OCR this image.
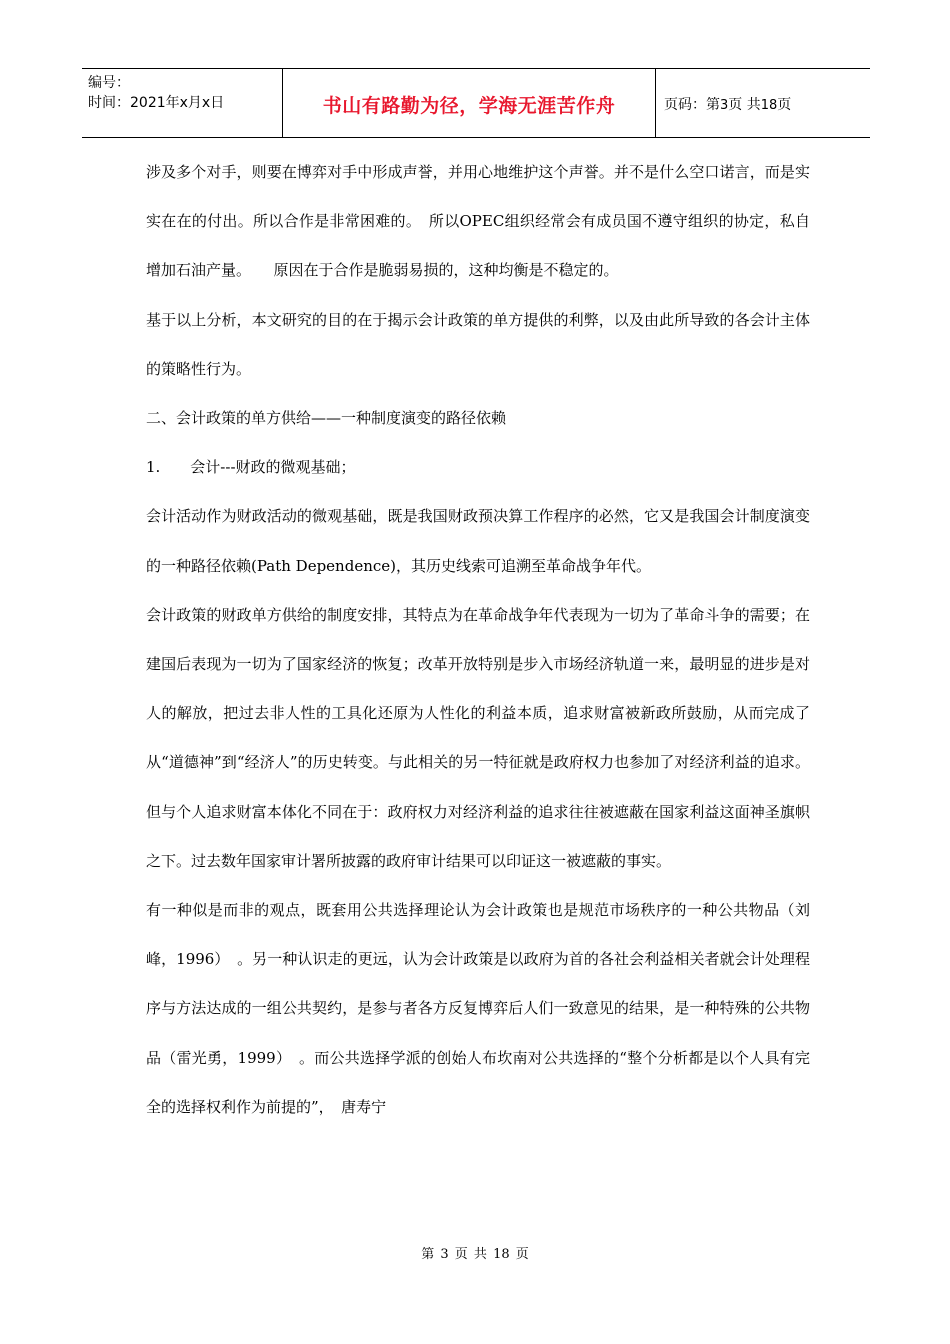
编号：
时间：2021年x月x日	书山有路勤为径，学海无涯苦作舟	页码：第3页 共18页

涉及多个对手，则要在博弈对手中形成声誉，并用心地维护这个声誉。并不是什么空口诺言，而是实实在在的付出。所以合作是非常困难的。　所以OPEC组织经常会有成员国不遵守组织的协定，私自增加石油产量。　　原因在于合作是脆弱易损的，这种均衡是不稳定的。

基于以上分析，本文研究的目的在于揭示会计政策的单方提供的利弊，以及由此所导致的各会计主体的策略性行为。

二、会计政策的单方供给——一种制度演变的路径依赖

1.　　会计---财政的微观基础；

会计活动作为财政活动的微观基础，既是我国财政预决算工作程序的必然，它又是我国会计制度演变的一种路径依赖(Path Dependence)，其历史线索可追溯至革命战争年代。

会计政策的财政单方供给的制度安排，其特点为在革命战争年代表现为一切为了革命斗争的需要；在建国后表现为一切为了国家经济的恢复；改革开放特别是步入市场经济轨道一来，最明显的进步是对人的解放，把过去非人性的工具化还原为人性化的利益本质，追求财富被新政所鼓励，从而完成了从“道德神”到“经济人”的历史转变。与此相关的另一特征就是政府权力也参加了对经济利益的追求。但与个人追求财富本体化不同在于：政府权力对经济利益的追求往往被遮蔽在国家利益这面神圣旗帜之下。过去数年国家审计署所披露的政府审计结果可以印证这一被遮蔽的事实。

有一种似是而非的观点，既套用公共选择理论认为会计政策也是规范市场秩序的一种公共物品（刘峰，1996）　。另一种认识走的更远，认为会计政策是以政府为首的各社会利益相关者就会计处理程序与方法达成的一组公共契约，是参与者各方反复博弈后人们一致意见的结果，是一种特殊的公共物品（雷光勇，1999）　。而公共选择学派的创始人布坎南对公共选择的“整个分析都是以个人具有完全的选择权利作为前提的”，　唐寿宁

第 3 页 共 18 页
